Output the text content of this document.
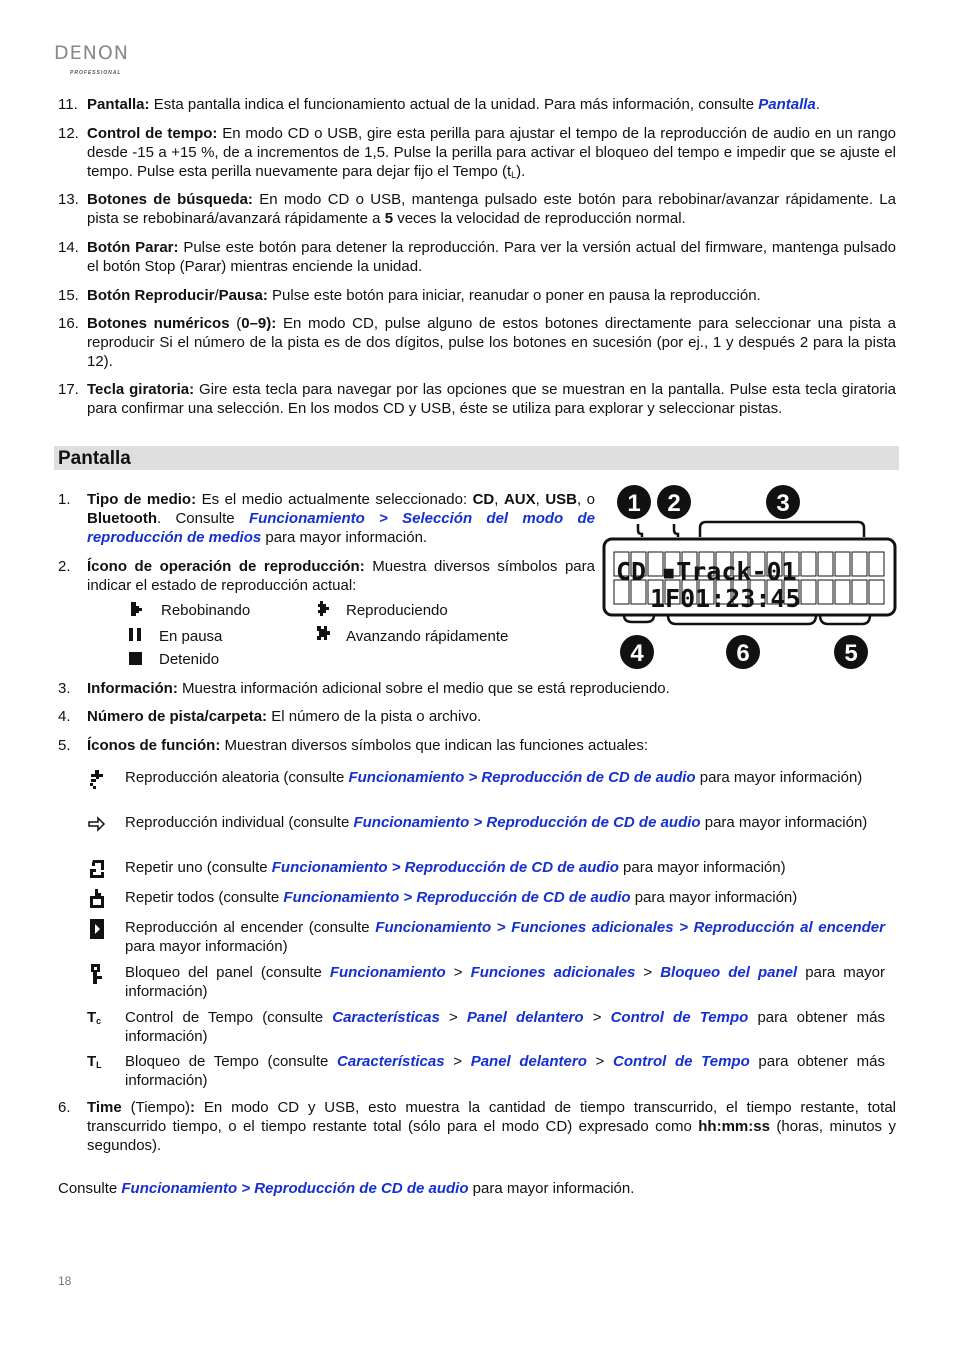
DENON
PROFESSIONAL
11. Pantalla: Esta pantalla indica el funcionamiento actual de la unidad. Para más información, consulte Pantalla.
12. Control de tempo: En modo CD o USB, gire esta perilla para ajustar el tempo de la reproducción de audio en un rango desde -15 a +15 %, de a incrementos de 1,5. Pulse la perilla para activar el bloqueo del tempo e impedir que se ajuste el tempo. Pulse esta perilla nuevamente para dejar fijo el Tempo (tL).
13. Botones de búsqueda: En modo CD o USB, mantenga pulsado este botón para rebobinar/avanzar rápidamente. La pista se rebobinará/avanzará rápidamente a 5 veces la velocidad de reproducción normal.
14. Botón Parar: Pulse este botón para detener la reproducción. Para ver la versión actual del firmware, mantenga pulsado el botón Stop (Parar) mientras enciende la unidad.
15. Botón Reproducir/Pausa: Pulse este botón para iniciar, reanudar o poner en pausa la reproducción.
16. Botones numéricos (0–9): En modo CD, pulse alguno de estos botones directamente para seleccionar una pista a reproducir Si el número de la pista es de dos dígitos, pulse los botones en sucesión (por ej., 1 y después 2 para la pista 12).
17. Tecla giratoria: Gire esta tecla para navegar por las opciones que se muestran en la pantalla. Pulse esta tecla giratoria para confirmar una selección. En los modos CD y USB, éste se utiliza para explorar y seleccionar pistas.
Pantalla
1. Tipo de medio: Es el medio actualmente seleccionado: CD, AUX, USB, o Bluetooth. Consulte Funcionamiento > Selección del modo de reproducción de medios para mayor información.
2. Ícono de operación de reproducción: Muestra diversos símbolos para indicar el estado de reproducción actual:
Rebobinando	Reproduciendo
En pausa	Avanzando rápidamente
Detenido
CD ▪Track-01
1F01:23:45
1 2	3
4	6	5
3. Información: Muestra información adicional sobre el medio que se está reproduciendo.
4. Número de pista/carpeta: El número de la pista o archivo.
5. Íconos de función: Muestran diversos símbolos que indican las funciones actuales:
Reproducción aleatoria (consulte Funcionamiento > Reproducción de CD de audio para mayor información)
Reproducción individual (consulte Funcionamiento > Reproducción de CD de audio para mayor información)
Repetir uno (consulte Funcionamiento > Reproducción de CD de audio para mayor información)
Repetir todos (consulte Funcionamiento > Reproducción de CD de audio para mayor información)
Reproducción al encender (consulte Funcionamiento > Funciones adicionales > Reproducción al encender para mayor información)
Bloqueo del panel (consulte Funcionamiento > Funciones adicionales > Bloqueo del panel para mayor información)
Tc	Control de Tempo (consulte Características > Panel delantero > Control de Tempo para obtener más información)
TL	Bloqueo de Tempo (consulte Características > Panel delantero > Control de Tempo para obtener más información)
6. Time (Tiempo): En modo CD y USB, esto muestra la cantidad de tiempo transcurrido, el tiempo restante, total transcurrido tiempo, o el tiempo restante total (sólo para el modo CD) expresado como hh:mm:ss (horas, minutos y segundos).
Consulte Funcionamiento > Reproducción de CD de audio para mayor información.
18
